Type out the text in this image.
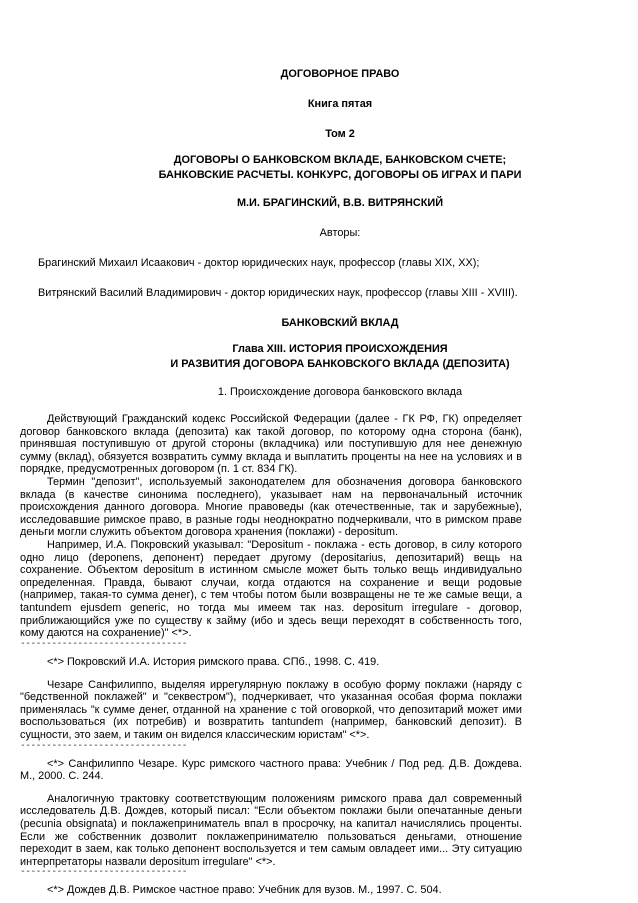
ДОГОВОРНОЕ ПРАВО
Книга пятая
Том 2
ДОГОВОРЫ О БАНКОВСКОМ ВКЛАДЕ, БАНКОВСКОМ СЧЕТЕ;
БАНКОВСКИЕ РАСЧЕТЫ. КОНКУРС, ДОГОВОРЫ ОБ ИГРАХ И ПАРИ
М.И. БРАГИНСКИЙ, В.В. ВИТРЯНСКИЙ
Авторы:
Брагинский Михаил Исаакович - доктор юридических наук, профессор (главы XIX, XX);
Витрянский Василий Владимирович - доктор юридических наук, профессор (главы XIII - XVIII).
БАНКОВСКИЙ ВКЛАД
Глава XIII. ИСТОРИЯ ПРОИСХОЖДЕНИЯ
И РАЗВИТИЯ ДОГОВОРА БАНКОВСКОГО ВКЛАДА (ДЕПОЗИТА)
1. Происхождение договора банковского вклада

Действующий Гражданский кодекс Российской Федерации (далее - ГК РФ, ГК) определяет договор банковского вклада (депозита) как такой договор, по которому одна сторона (банк), принявшая поступившую от другой стороны (вкладчика) или поступившую для нее денежную сумму (вклад), обязуется возвратить сумму вклада и выплатить проценты на нее на условиях и в порядке, предусмотренных договором (п. 1 ст. 834 ГК).

Термин "депозит", используемый законодателем для обозначения договора банковского вклада (в качестве синонима последнего), указывает нам на первоначальный источник происхождения данного договора. Многие правоведы (как отечественные, так и зарубежные), исследовавшие римское право, в разные годы неоднократно подчеркивали, что в римском праве деньги могли служить объектом договора хранения (поклажи) - depositum.

Например, И.А. Покровский указывал: "Depositum - поклажа - есть договор, в силу которого одно лицо (deponens, депонент) передает другому (depositarius, депозитарий) вещь на сохранение. Объектом depositum в истинном смысле может быть только вещь индивидуально определенная. Правда, бывают случаи, когда отдаются на сохранение и вещи родовые (например, такая-то сумма денег), с тем чтобы потом были возвращены не те же самые вещи, а tantundem ejusdem generic, но тогда мы имеем так наз. depositum irregulare - договор, приближающийся уже по существу к займу (ибо и здесь вещи переходят в собственность того, кому даются на сохранение)" <*>.

--------------------------------
<*> Покровский И.А. История римского права. СПб., 1998. С. 419.

Чезаре Санфилиппо, выделяя иррегулярную поклажу в особую форму поклажи (наряду с "бедственной поклажей" и "секвестром"), подчеркивает, что указанная особая форма поклажи применялась "к сумме денег, отданной на хранение с той оговоркой, что депозитарий может ими воспользоваться (их потребив) и возвратить tantundem (например, банковский депозит). В сущности, это заем, и таким он виделся классическим юристам" <*>.

--------------------------------

<*> Санфилиппо Чезаре. Курс римского частного права: Учебник / Под ред. Д.В. Дождева. М., 2000. С. 244.

Аналогичную трактовку соответствующим положениям римского права дал современный исследователь Д.В. Дождев, который писал: "Если объектом поклажи были опечатанные деньги (pecunia obsignata) и поклажеприниматель впал в просрочку, на капитал начислялись проценты. Если же собственник дозволит поклажепринимателю пользоваться деньгами, отношение переходит в заем, как только депонент воспользуется и тем самым овладеет ими... Эту ситуацию интерпретаторы назвали depositum irregulare" <*>.

--------------------------------
<*> Дождев Д.В. Римское частное право: Учебник для вузов. М., 1997. С. 504.
